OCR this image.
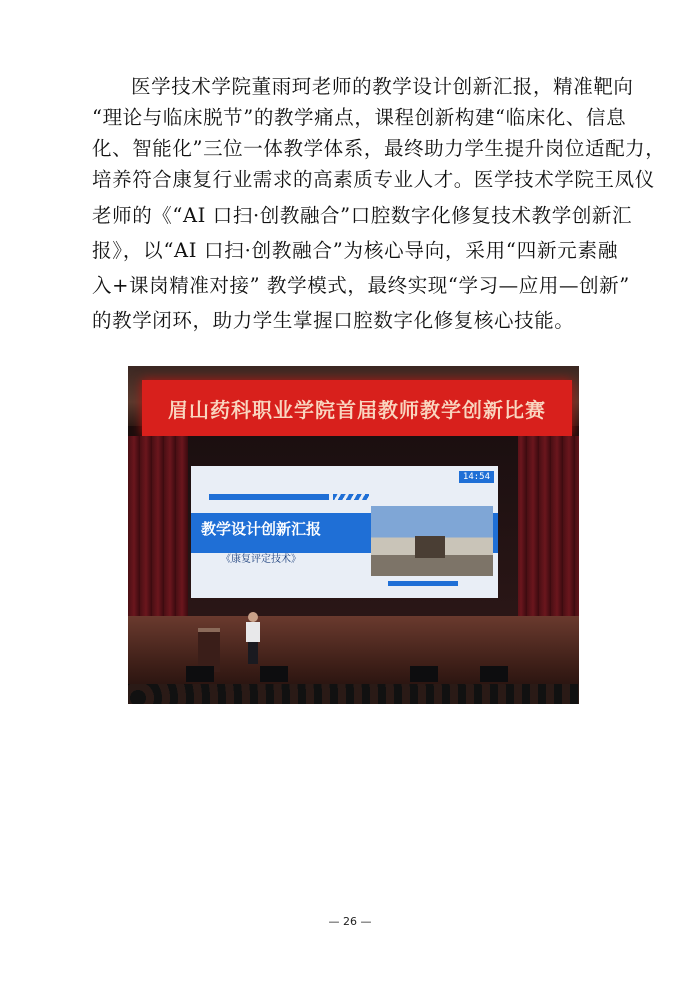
医学技术学院董雨珂老师的教学设计创新汇报，精准靶向
“理论与临床脱节”的教学痛点，课程创新构建“临床化、信息
化、智能化”三位一体教学体系，最终助力学生提升岗位适配力，
培养符合康复行业需求的高素质专业人才。医学技术学院王凤仪
老师的《“AI 口扫·创教融合”口腔数字化修复技术教学创新汇
报》，以“AI 口扫·创教融合”为核心导向，采用“四新元素融
入+课岗精准对接” 教学模式，最终实现“学习—应用—创新”
的教学闭环，助力学生掌握口腔数字化修复核心技能。
眉山药科职业学院首届教师教学创新比赛
教学设计创新汇报
《康复评定技术》
14:54
— 26 —
